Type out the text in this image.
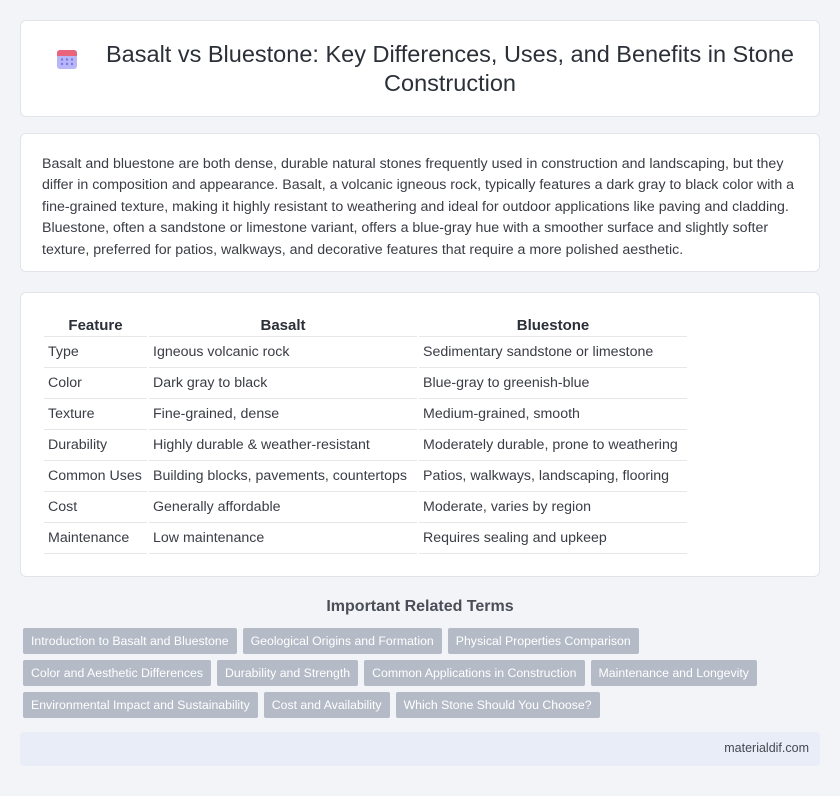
Basalt vs Bluestone: Key Differences, Uses, and Benefits in Stone Construction

Basalt and bluestone are both dense, durable natural stones frequently used in construction and landscaping, but they differ in composition and appearance. Basalt, a volcanic igneous rock, typically features a dark gray to black color with a fine-grained texture, making it highly resistant to weathering and ideal for outdoor applications like paving and cladding. Bluestone, often a sandstone or limestone variant, offers a blue-gray hue with a smoother surface and slightly softer texture, preferred for patios, walkways, and decorative features that require a more polished aesthetic.

Feature	Basalt	Bluestone
Type	Igneous volcanic rock	Sedimentary sandstone or limestone
Color	Dark gray to black	Blue-gray to greenish-blue
Texture	Fine-grained, dense	Medium-grained, smooth
Durability	Highly durable & weather-resistant	Moderately durable, prone to weathering
Common Uses	Building blocks, pavements, countertops	Patios, walkways, landscaping, flooring
Cost	Generally affordable	Moderate, varies by region
Maintenance	Low maintenance	Requires sealing and upkeep
Important Related Terms
Introduction to Basalt and Bluestone	Geological Origins and Formation	Physical Properties Comparison
Color and Aesthetic Differences	Durability and Strength	Common Applications in Construction	Maintenance and Longevity
Environmental Impact and Sustainability	Cost and Availability	Which Stone Should You Choose?
materialdif.com
